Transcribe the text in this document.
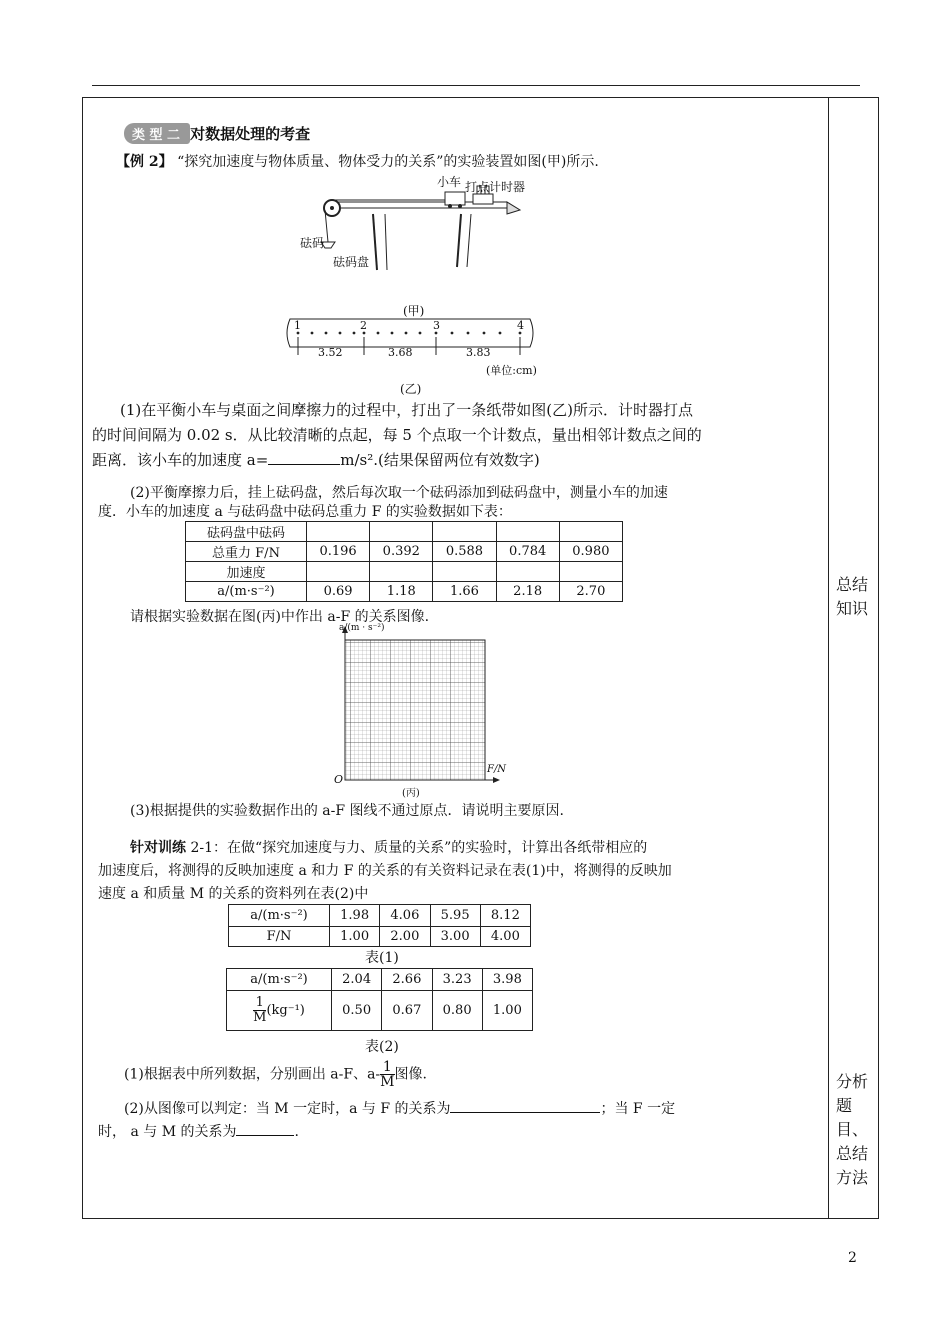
类 型 二 对数据处理的考查
【例 2】 “探究加速度与物体质量、物体受力的关系”的实验装置如图(甲)所示.
小车 打点计时器
砝码
砝码盘
(甲)
1	2	3	4
3.52	3.68	3.83
(单位:cm)
(乙)
(1)在平衡小车与桌面之间摩擦力的过程中，打出了一条纸带如图(乙)所示．计时器打点
的时间间隔为 0.02 s．从比较清晰的点起，每 5 个点取一个计数点，量出相邻计数点之间的
距离．该小车的加速度 a=	m/s².(结果保留两位有效数字)
(2)平衡摩擦力后，挂上砝码盘，然后每次取一个砝码添加到砝码盘中，测量小车的加速
度．小车的加速度 a 与砝码盘中砝码总重力 F 的实验数据如下表：
砝码盘中砝码					
总重力 F/N	0.196	0.392	0.588	0.784	0.980
加速度					
a/(m·s⁻²)	0.69	1.18	1.66	2.18	2.70
请根据实验数据在图(丙)中作出 a-F 的关系图像.
a/(m · s⁻²)
F/N
O
(丙)
(3)根据提供的实验数据作出的 a-F 图线不通过原点．请说明主要原因.
针对训练 2-1：在做“探究加速度与力、质量的关系”的实验时，计算出各纸带相应的
加速度后，将测得的反映加速度 a 和力 F 的关系的有关资料记录在表(1)中，将测得的反映加
速度 a 和质量 M 的关系的资料列在表(2)中
a/(m·s⁻²)	1.98	4.06	5.95	8.12
F/N	1.00	2.00	3.00	4.00
表(1)
a/(m·s⁻²)	2.04	2.66	3.23	3.98

$\frac{1}{M} (kg^{-1})$	0.50	0.67	0.80	1.00
表(2)
(1)根据表中所列数据，分别画出 a-F、$a- \frac{1}{M}$ 图像.
(2)从图像可以判定：当 M 一定时，a 与 F 的关系为	；当 F 一定
时， a 与 M 的关系为	.
总结
知识
分析
题
目、
总结
方法
2
